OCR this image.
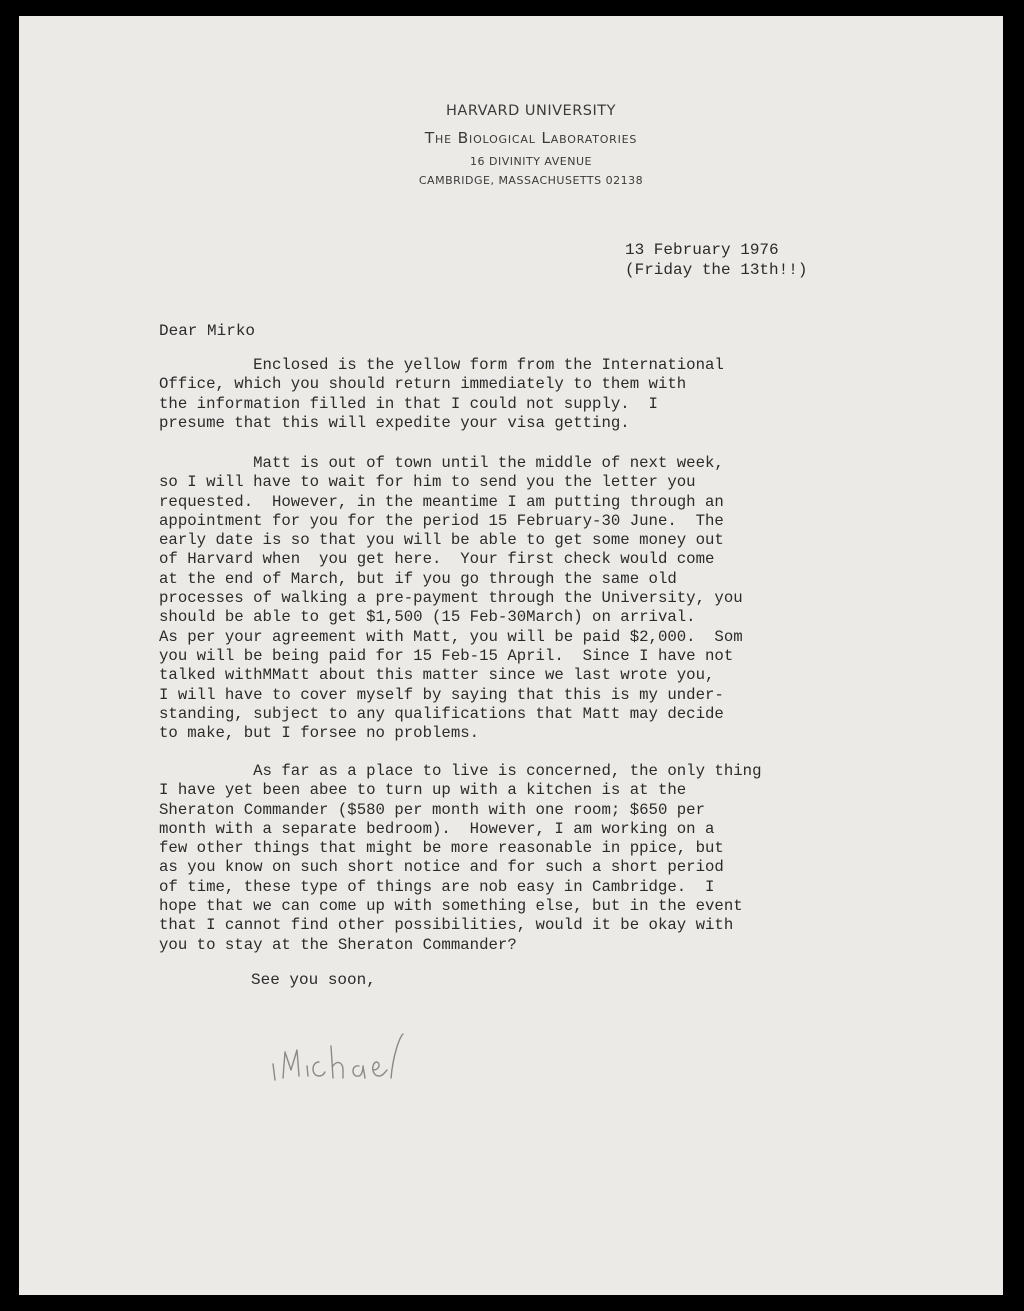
HARVARD UNIVERSITY
The Biological Laboratories
16 DIVINITY AVENUE
CAMBRIDGE, MASSACHUSETTS 02138
13 February 1976
(Friday the 13th!!)
Dear Mirko
Enclosed is the yellow form from the International
Office, which you should return immediately to them with
the information filled in that I could not supply.  I
presume that this will expedite your visa getting.
Matt is out of town until the middle of next week,
so I will have to wait for him to send you the letter you
requested.  However, in the meantime I am putting through an
appointment for you for the period 15 February-30 June.  The
early date is so that you will be able to get some money out
of Harvard when  you get here.  Your first check would come
at the end of March, but if you go through the same old
processes of walking a pre-payment through the University, you
should be able to get $1,500 (15 Feb-30March) on arrival.
As per your agreement with Matt, you will be paid $2,000.  Som
you will be being paid for 15 Feb-15 April.  Since I have not
talked withMMatt about this matter since we last wrote you,
I will have to cover myself by saying that this is my under-
standing, subject to any qualifications that Matt may decide
to make, but I forsee no problems.
As far as a place to live is concerned, the only thing
I have yet been abee to turn up with a kitchen is at the
Sheraton Commander ($580 per month with one room; $650 per
month with a separate bedroom).  However, I am working on a
few other things that might be more reasonable in ppice, but
as you know on such short notice and for such a short period
of time, these type of things are nob easy in Cambridge.  I
hope that we can come up with something else, but in the event
that I cannot find other possibilities, would it be okay with
you to stay at the Sheraton Commander?
See you soon,
